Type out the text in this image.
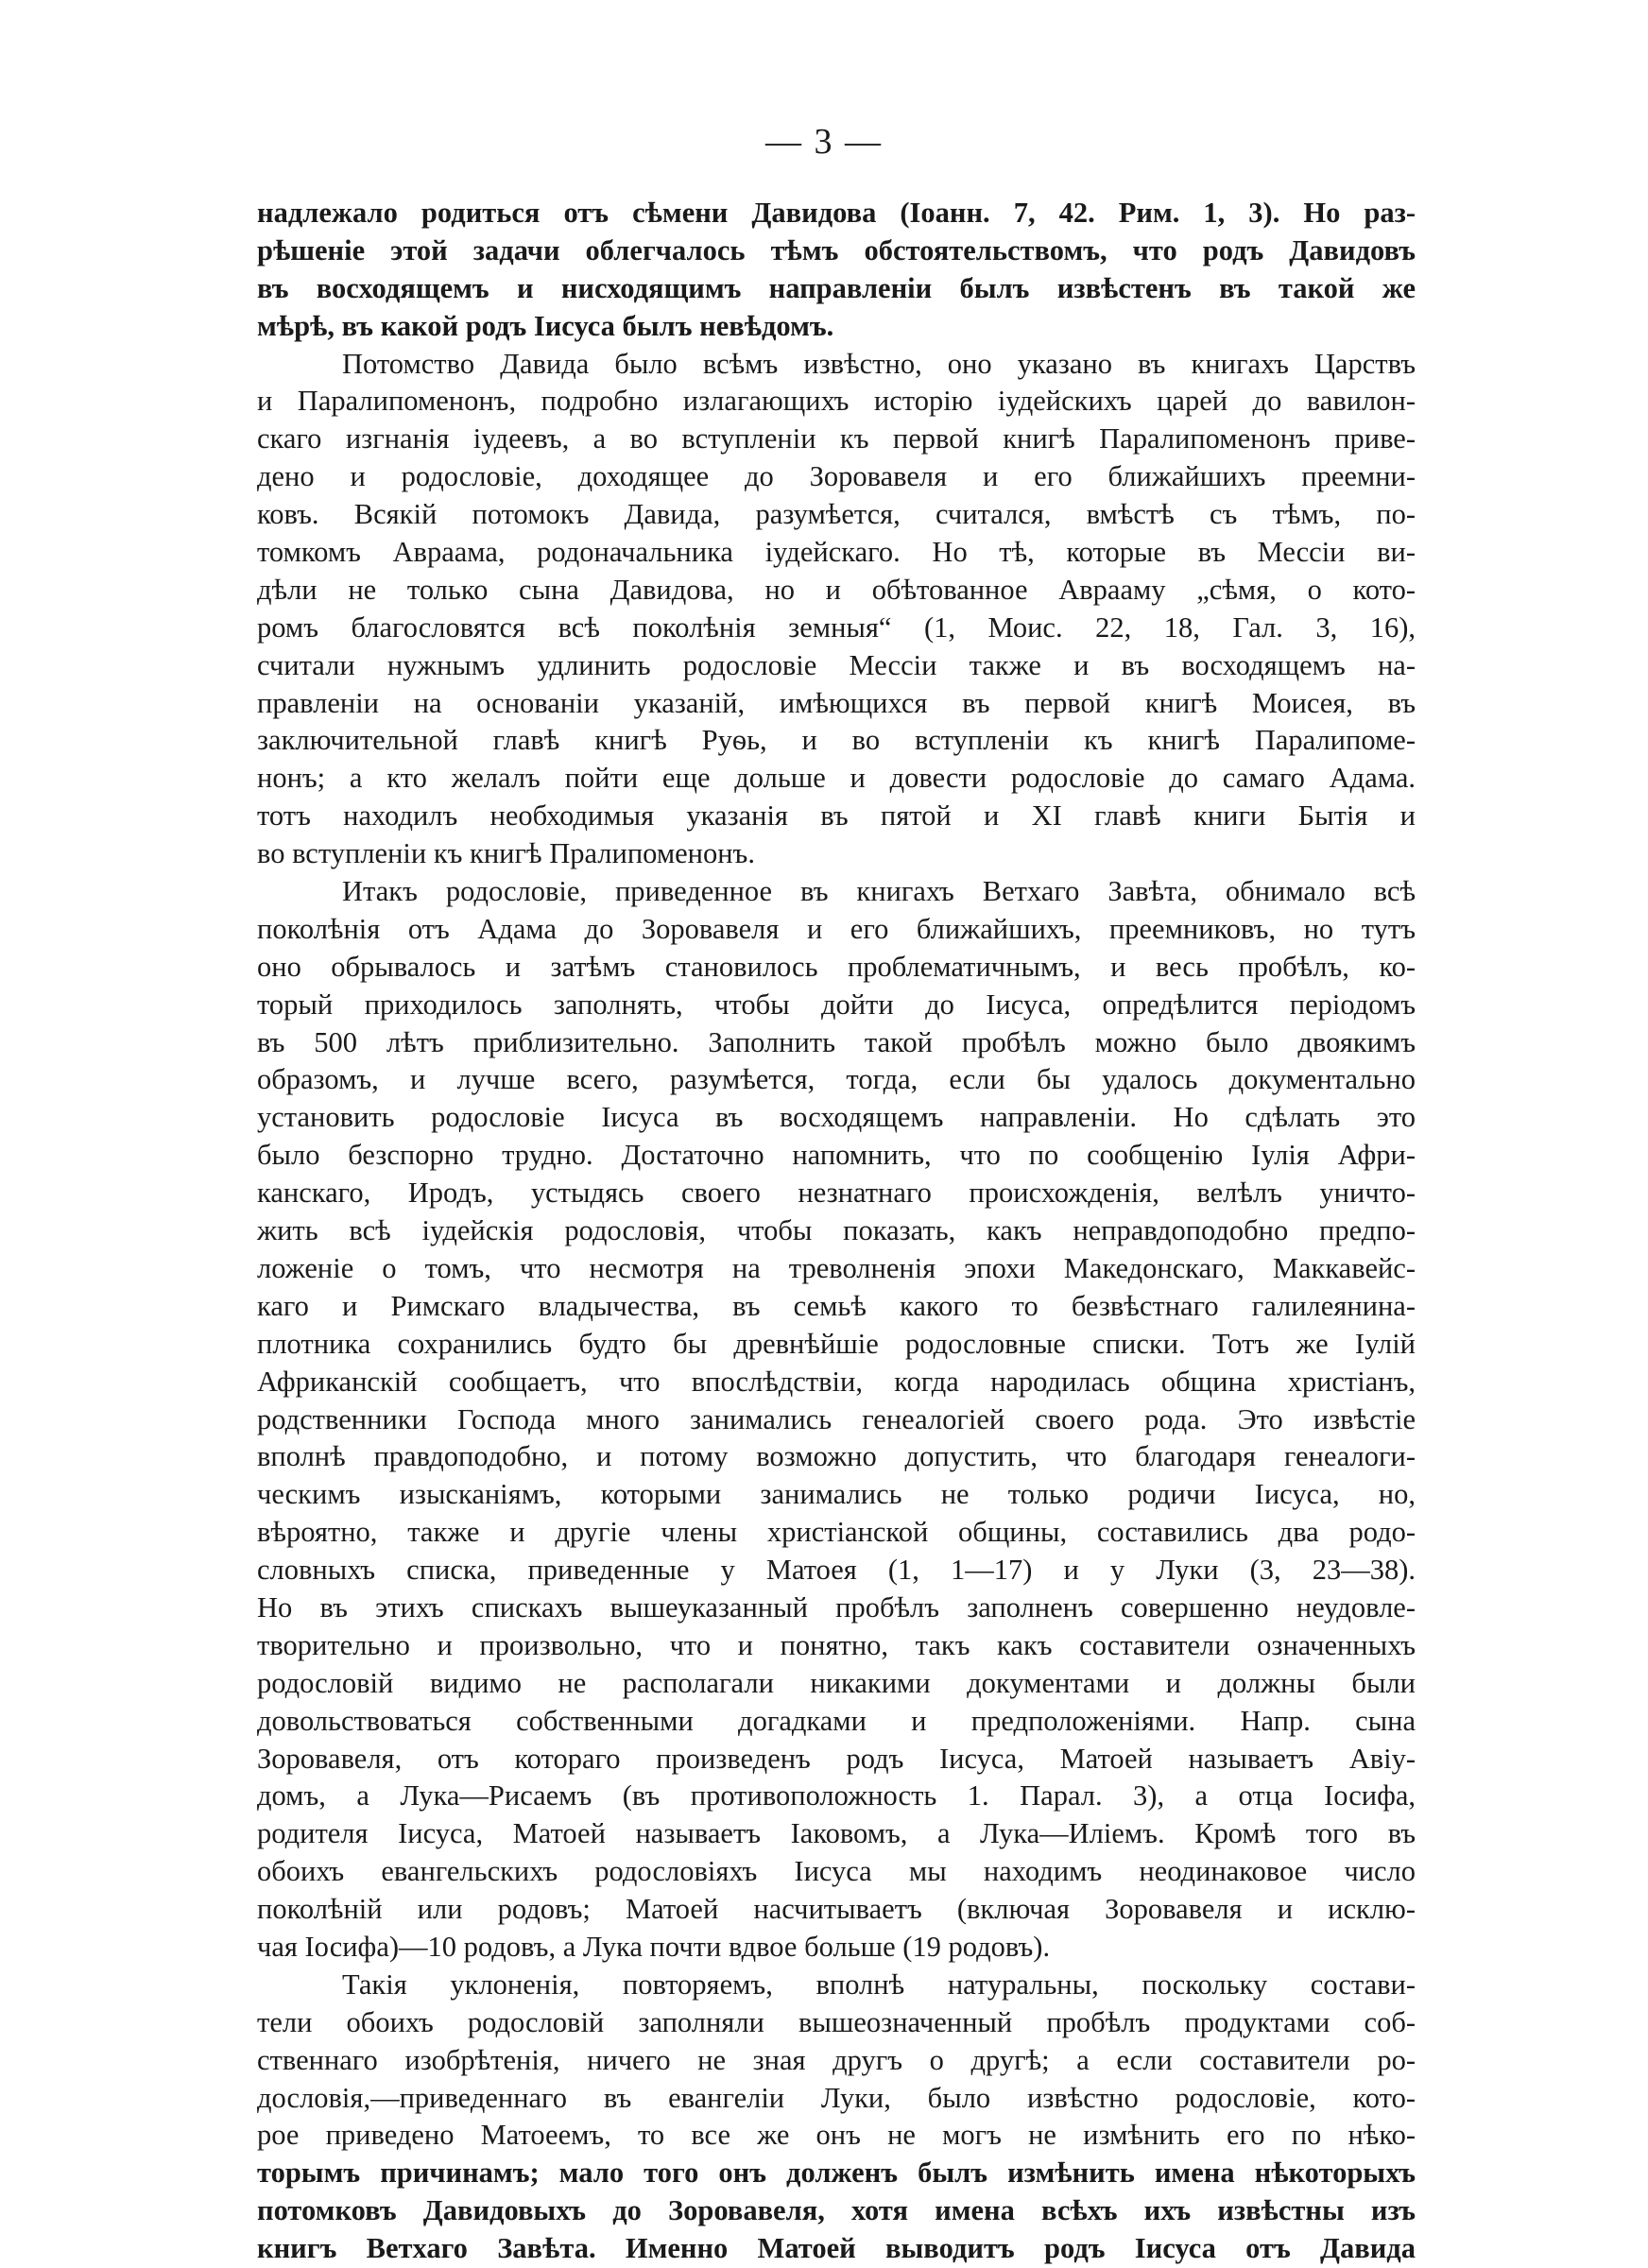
— 3 —
надлежало родиться отъ сѣмени Давидова (Іоанн. 7, 42. Рим. 1, 3). Но раз-
рѣшеніе этой задачи облегчалось тѣмъ обстоятельствомъ, что родъ Давидовъ
въ восходящемъ и нисходящимъ направленіи былъ извѣстенъ въ такой же
мѣрѣ, въ какой родъ Іисуса былъ невѣдомъ.
Потомство Давида было всѣмъ извѣстно, оно указано въ книгахъ Царствъ
и Паралипоменонъ, подробно излагающихъ исторію іудейскихъ царей до вавилон-
скаго изгнанія іудеевъ, а во вступленіи къ первой книгѣ Паралипоменонъ приве-
дено и родословіе, доходящее до Зоровавеля и его ближайшихъ преемни-
ковъ. Всякій потомокъ Давида, разумѣется, считался, вмѣстѣ съ тѣмъ, по-
томкомъ Авраама, родоначальника іудейскаго. Но тѣ, которые въ Мессіи ви-
дѣли не только сына Давидова, но и обѣтованное Аврааму „сѣмя, о кото-
ромъ благословятся всѣ поколѣнія земныя“ (1, Моис. 22, 18, Гал. 3, 16),
считали нужнымъ удлинить родословіе Мессіи также и въ восходящемъ на-
правленіи на основаніи указаній, имѣющихся въ первой книгѣ Моисея, въ
заключительной главѣ книгѣ Руѳь, и во вступленіи къ книгѣ Паралипоме-
нонъ; а кто желалъ пойти еще дольше и довести родословіе до самаго Адама.
тотъ находилъ необходимыя указанія въ пятой и XI главѣ книги Бытія и
во вступленіи къ книгѣ Пралипоменонъ.
Итакъ родословіе, приведенное въ книгахъ Ветхаго Завѣта, обнимало всѣ
поколѣнія отъ Адама до Зоровавеля и его ближайшихъ, преемниковъ, но тутъ
оно обрывалось и затѣмъ становилось проблематичнымъ, и весь пробѣлъ, ко-
торый приходилось заполнять, чтобы дойти до Іисуса, опредѣлится періодомъ
въ 500 лѣтъ приблизительно. Заполнить такой пробѣлъ можно было двоякимъ
образомъ, и лучше всего, разумѣется, тогда, если бы удалось документально
установить родословіе Іисуса въ восходящемъ направленіи. Но сдѣлать это
было безспорно трудно. Достаточно напомнить, что по сообщенію Іулія Афри-
канскаго, Иродъ, устыдясь своего незнатнаго происхожденія, велѣлъ уничто-
жить всѣ іудейскія родословія, чтобы показать, какъ неправдоподобно предпо-
ложеніе о томъ, что несмотря на треволненія эпохи Македонскаго, Маккавейс-
каго и Римскаго владычества, въ семьѣ какого то безвѣстнаго галилеянина-
плотника сохранились будто бы древнѣйшіе родословные списки. Тотъ же Іулій
Африканскій сообщаетъ, что впослѣдствіи, когда народилась община христіанъ,
родственники Господа много занимались генеалогіей своего рода. Это извѣстіе
вполнѣ правдоподобно, и потому возможно допустить, что благодаря генеалоги-
ческимъ изысканіямъ, которыми занимались не только родичи Іисуса, но,
вѣроятно, также и другіе члены христіанской общины, составились два родо-
словныхъ списка, приведенные у Матоея (1, 1—17) и у Луки (3, 23—38).
Но въ этихъ спискахъ вышеуказанный пробѣлъ заполненъ совершенно неудовле-
творительно и произвольно, что и понятно, такъ какъ составители означенныхъ
родословій видимо не располагали никакими документами и должны были
довольствоваться собственными догадками и предположеніями. Напр. сына
Зоровавеля, отъ котораго произведенъ родъ Іисуса, Матоей называетъ Авіу-
домъ, а Лука—Рисаемъ (въ противоположность 1. Парал. 3), а отца Іосифа,
родителя Іисуса, Матоей называетъ Іаковомъ, а Лука—Иліемъ. Кромѣ того въ
обоихъ евангельскихъ родословіяхъ Іисуса мы находимъ неодинаковое число
поколѣній или родовъ; Матоей насчитываетъ (включая Зоровавеля и исклю-
чая Іосифа)—10 родовъ, а Лука почти вдвое больше (19 родовъ).
Такія уклоненія, повторяемъ, вполнѣ натуральны, поскольку состави-
тели обоихъ родословій заполняли вышеозначенный пробѣлъ продуктами соб-
ственнаго изобрѣтенія, ничего не зная другъ о другѣ; а если составители ро-
дословія,—приведеннаго въ евангеліи Луки, было извѣстно родословіе, кото-
рое приведено Матоеемъ, то все же онъ не могъ не измѣнить его по нѣко-
торымъ причинамъ; мало того онъ долженъ былъ измѣнить имена нѣкоторыхъ
потомковъ Давидовыхъ до Зоровавеля, хотя имена всѣхъ ихъ извѣстны изъ
книгъ Ветхаго Завѣта. Именно Матоей выводитъ родъ Іисуса отъ Давида
